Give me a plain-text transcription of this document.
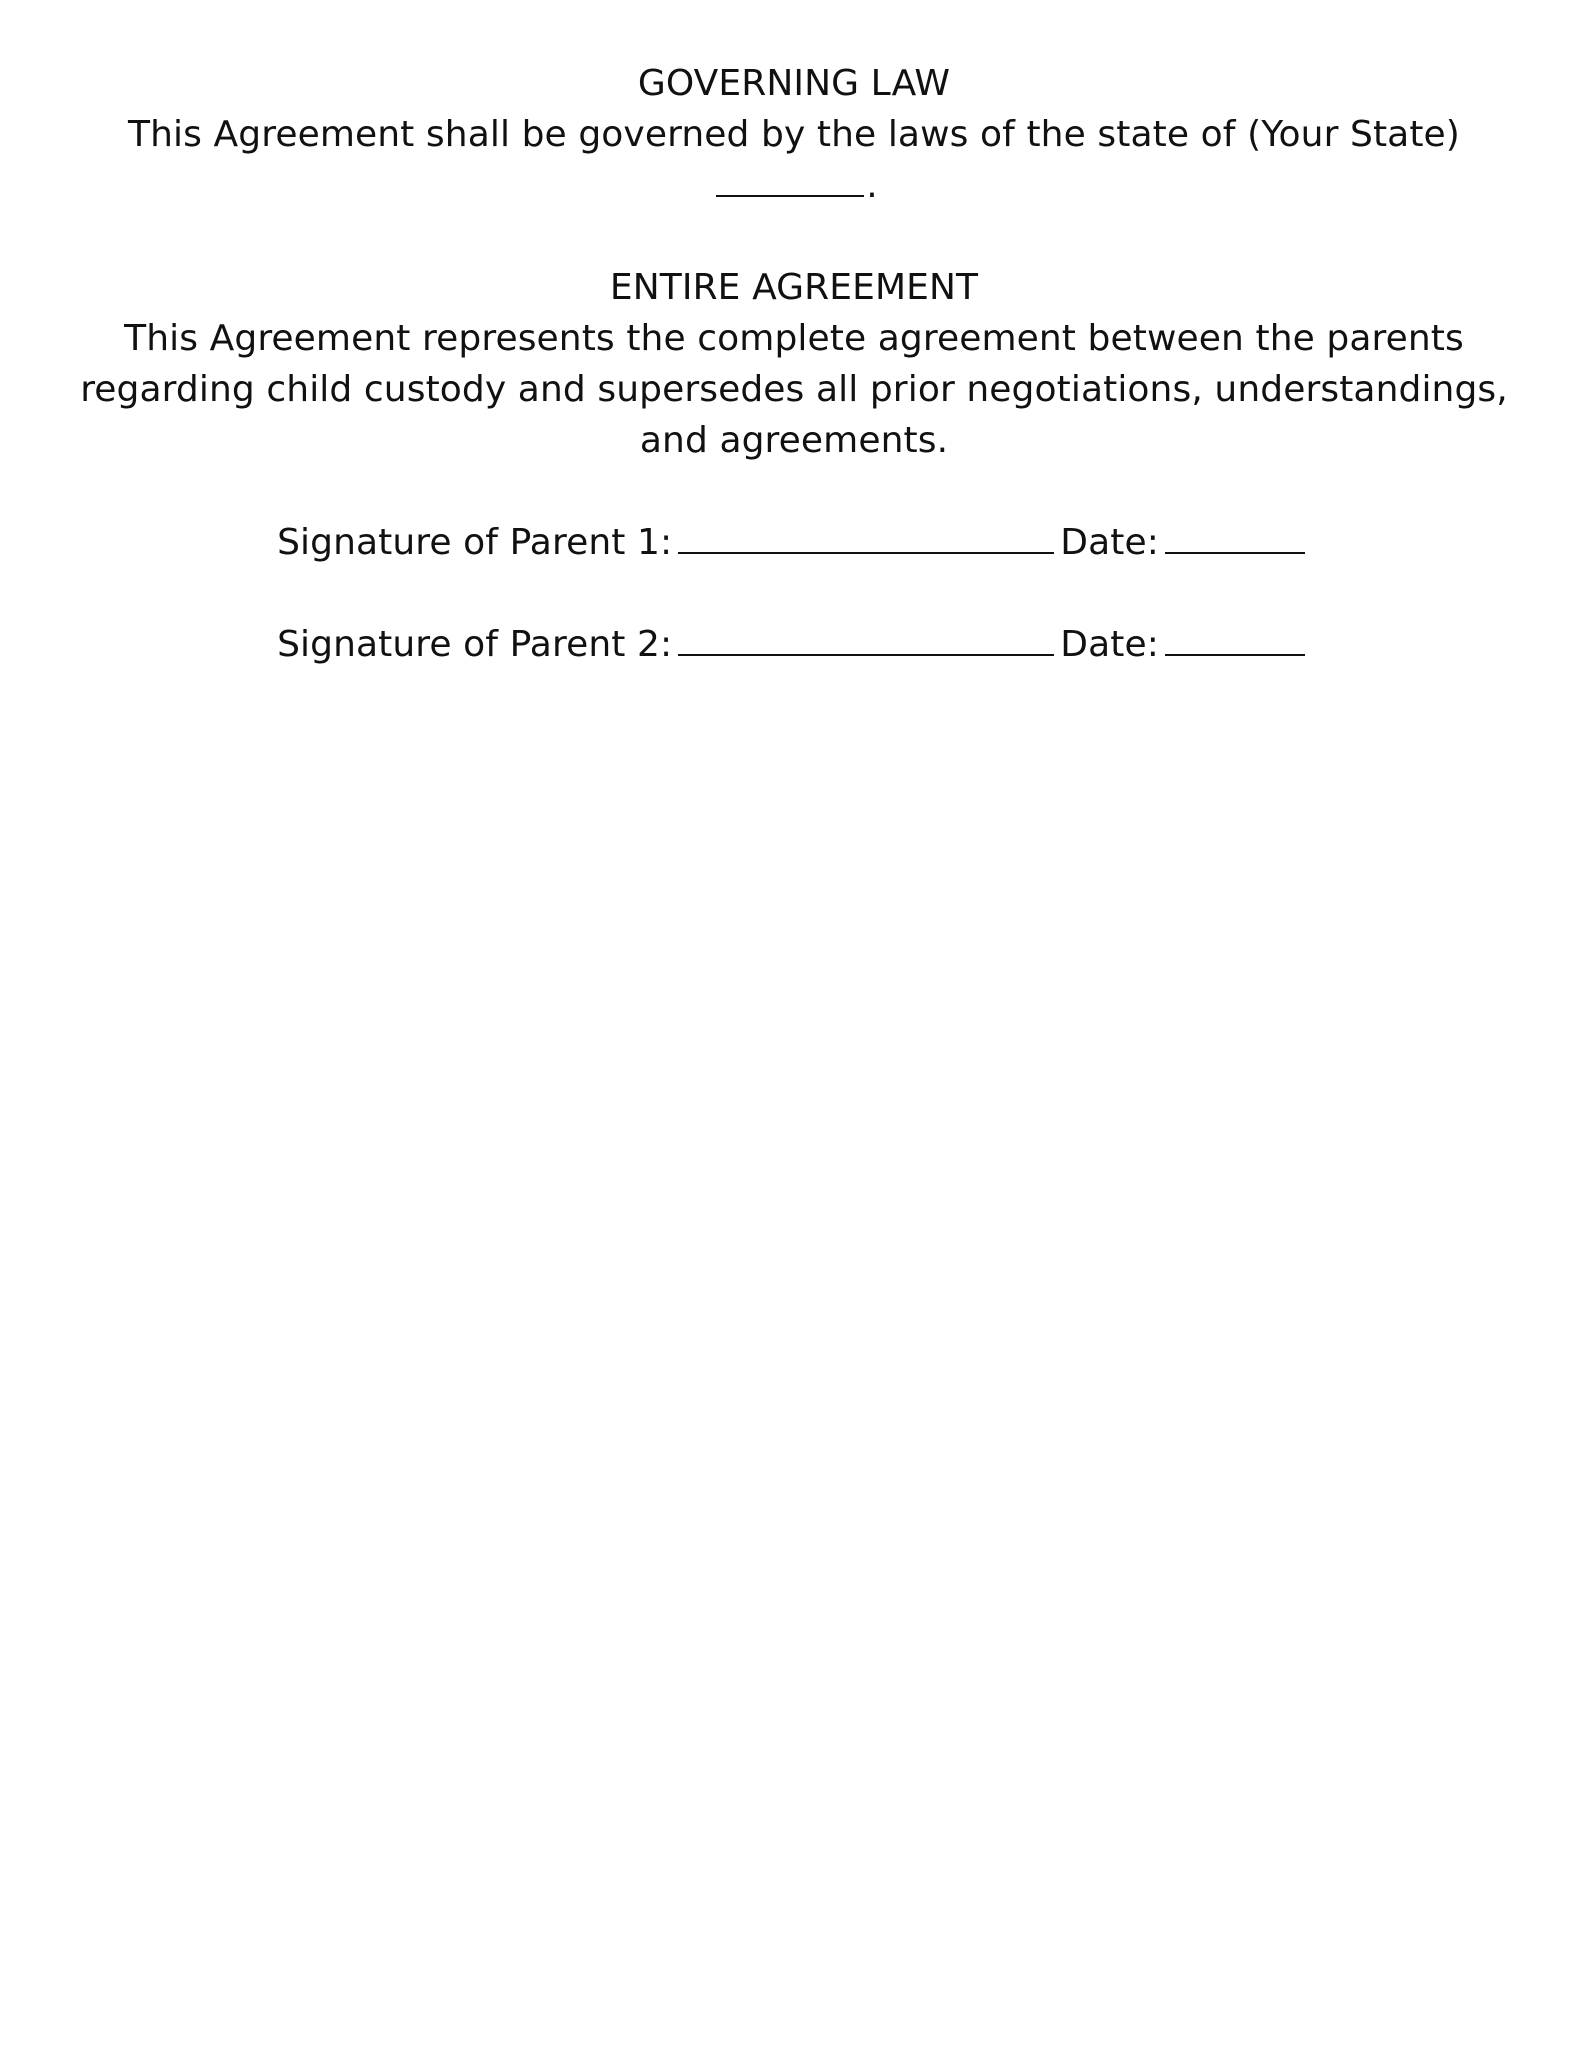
GOVERNING LAW

This Agreement shall be governed by the laws of the state of (Your State).

ENTIRE AGREEMENT

This Agreement represents the complete agreement between the parents regarding child custody and supersedes all prior negotiations, understandings, and agreements.

Signature of Parent 1:	Date:

Signature of Parent 2:	Date:
